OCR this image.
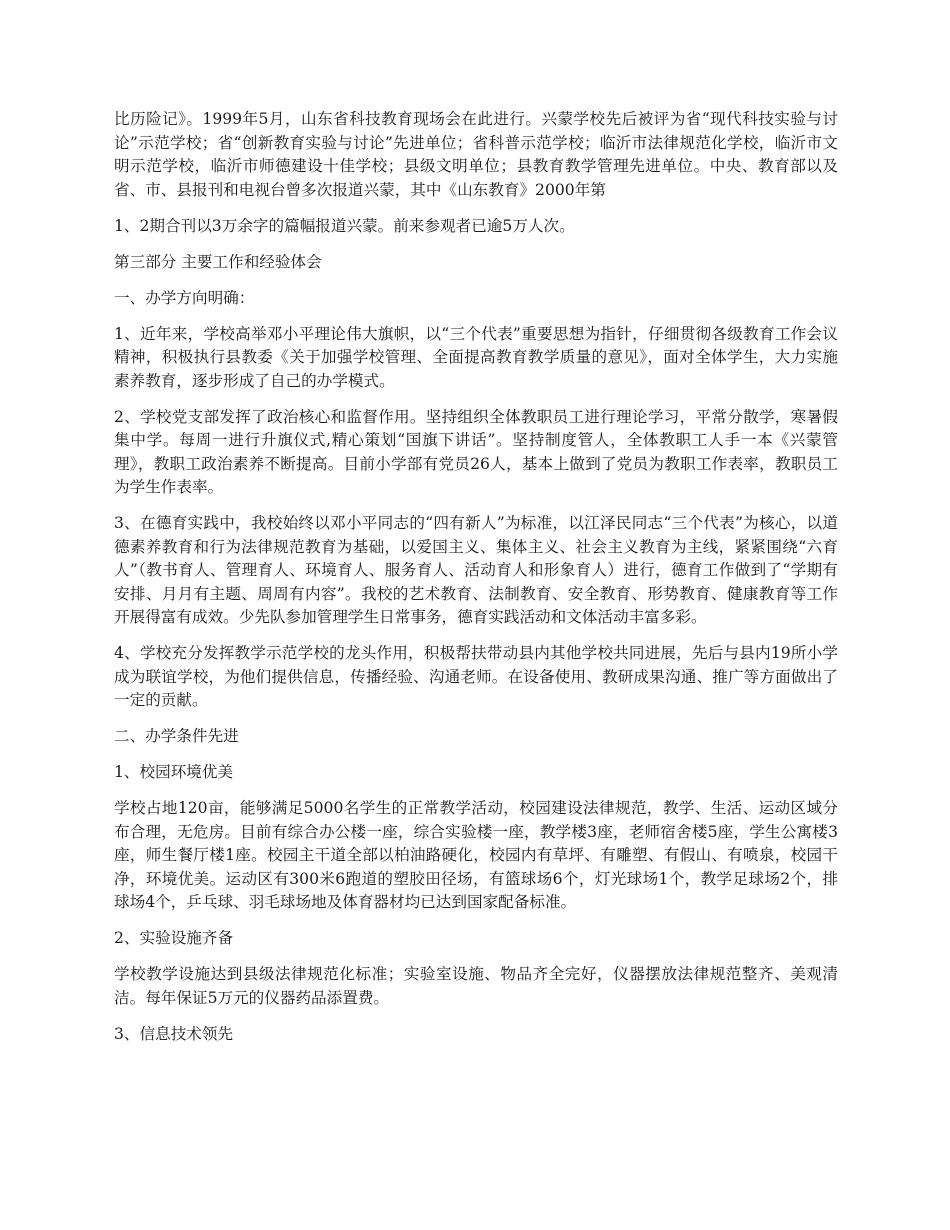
比历险记》。1999年5月，山东省科技教育现场会在此进行。兴蒙学校先后被评为省“现代科技实验与讨论”示范学校；省“创新教育实验与讨论”先进单位；省科普示范学校；临沂市法律规范化学校，临沂市文明示范学校，临沂市师德建设十佳学校；县级文明单位；县教育教学管理先进单位。中央、教育部以及省、市、县报刊和电视台曾多次报道兴蒙，其中《山东教育》2000年第

1、2期合刊以3万余字的篇幅报道兴蒙。前来参观者已逾5万人次。

第三部分 主要工作和经验体会

一、办学方向明确：

1、近年来，学校高举邓小平理论伟大旗帜，以“三个代表”重要思想为指针，仔细贯彻各级教育工作会议精神，积极执行县教委《关于加强学校管理、全面提高教育教学质量的意见》，面对全体学生，大力实施素养教育，逐步形成了自己的办学模式。

2、学校党支部发挥了政治核心和监督作用。坚持组织全体教职员工进行理论学习，平常分散学，寒暑假集中学。每周一进行升旗仪式,精心策划“国旗下讲话”。坚持制度管人，全体教职工人手一本《兴蒙管理》，教职工政治素养不断提高。目前小学部有党员26人，基本上做到了党员为教职工作表率，教职员工为学生作表率。

3、在德育实践中，我校始终以邓小平同志的“四有新人”为标准，以江泽民同志“三个代表”为核心，以道德素养教育和行为法律规范教育为基础，以爱国主义、集体主义、社会主义教育为主线，紧紧围绕“六育人”（教书育人、管理育人、环境育人、服务育人、活动育人和形象育人）进行，德育工作做到了“学期有安排、月月有主题、周周有内容”。我校的艺术教育、法制教育、安全教育、形势教育、健康教育等工作开展得富有成效。少先队参加管理学生日常事务，德育实践活动和文体活动丰富多彩。

4、学校充分发挥教学示范学校的龙头作用，积极帮扶带动县内其他学校共同进展，先后与县内19所小学成为联谊学校，为他们提供信息，传播经验、沟通老师。在设备使用、教研成果沟通、推广等方面做出了一定的贡献。

二、办学条件先进

1、校园环境优美

学校占地120亩，能够满足5000名学生的正常教学活动，校园建设法律规范，教学、生活、运动区域分布合理，无危房。目前有综合办公楼一座，综合实验楼一座，教学楼3座，老师宿舍楼5座，学生公寓楼3座，师生餐厅楼1座。校园主干道全部以柏油路硬化，校园内有草坪、有雕塑、有假山、有喷泉，校园干净，环境优美。运动区有300米6跑道的塑胶田径场，有篮球场6个，灯光球场1个，教学足球场2个，排球场4个，乒乓球、羽毛球场地及体育器材均已达到国家配备标准。

2、实验设施齐备

学校教学设施达到县级法律规范化标准；实验室设施、物品齐全完好，仪器摆放法律规范整齐、美观清洁。每年保证5万元的仪器药品添置费。

3、信息技术领先
